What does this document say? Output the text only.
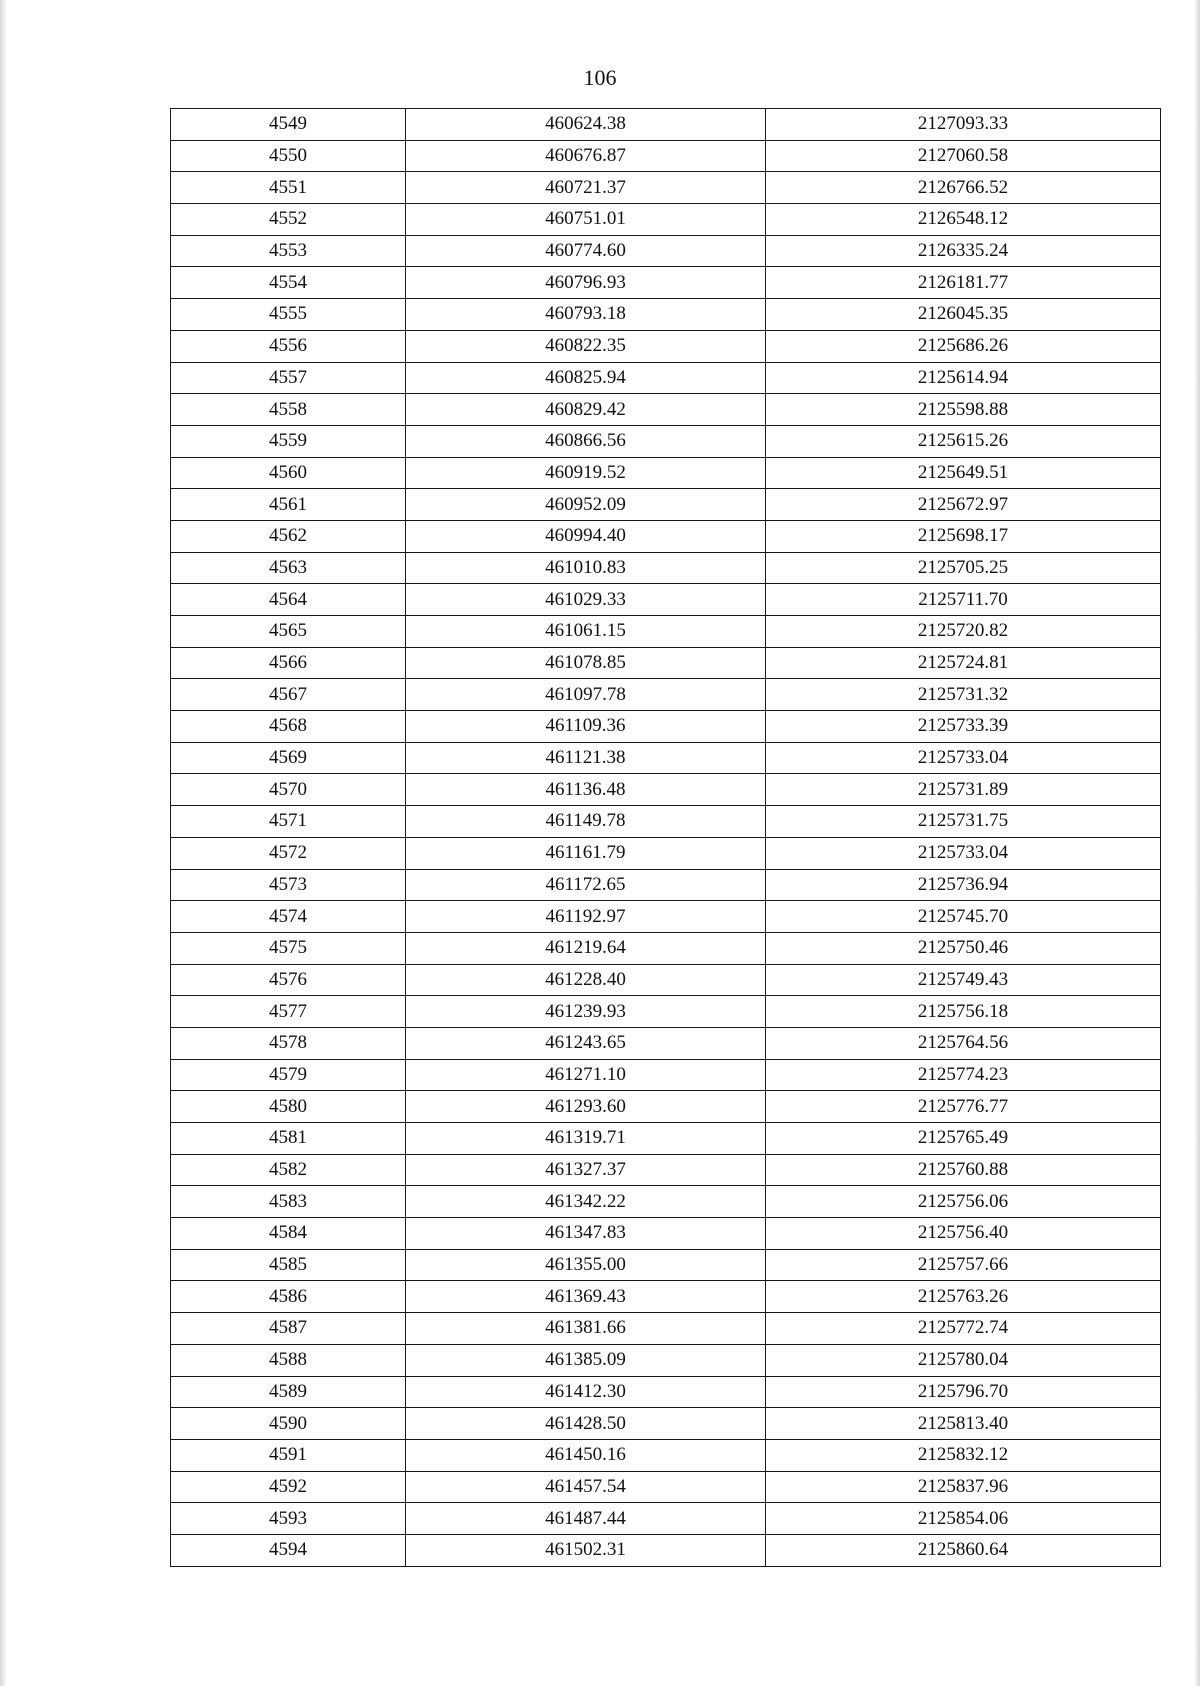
106
4549	460624.38	2127093.33
4550	460676.87	2127060.58
4551	460721.37	2126766.52
4552	460751.01	2126548.12
4553	460774.60	2126335.24
4554	460796.93	2126181.77
4555	460793.18	2126045.35
4556	460822.35	2125686.26
4557	460825.94	2125614.94
4558	460829.42	2125598.88
4559	460866.56	2125615.26
4560	460919.52	2125649.51
4561	460952.09	2125672.97
4562	460994.40	2125698.17
4563	461010.83	2125705.25
4564	461029.33	2125711.70
4565	461061.15	2125720.82
4566	461078.85	2125724.81
4567	461097.78	2125731.32
4568	461109.36	2125733.39
4569	461121.38	2125733.04
4570	461136.48	2125731.89
4571	461149.78	2125731.75
4572	461161.79	2125733.04
4573	461172.65	2125736.94
4574	461192.97	2125745.70
4575	461219.64	2125750.46
4576	461228.40	2125749.43
4577	461239.93	2125756.18
4578	461243.65	2125764.56
4579	461271.10	2125774.23
4580	461293.60	2125776.77
4581	461319.71	2125765.49
4582	461327.37	2125760.88
4583	461342.22	2125756.06
4584	461347.83	2125756.40
4585	461355.00	2125757.66
4586	461369.43	2125763.26
4587	461381.66	2125772.74
4588	461385.09	2125780.04
4589	461412.30	2125796.70
4590	461428.50	2125813.40
4591	461450.16	2125832.12
4592	461457.54	2125837.96
4593	461487.44	2125854.06
4594	461502.31	2125860.64
